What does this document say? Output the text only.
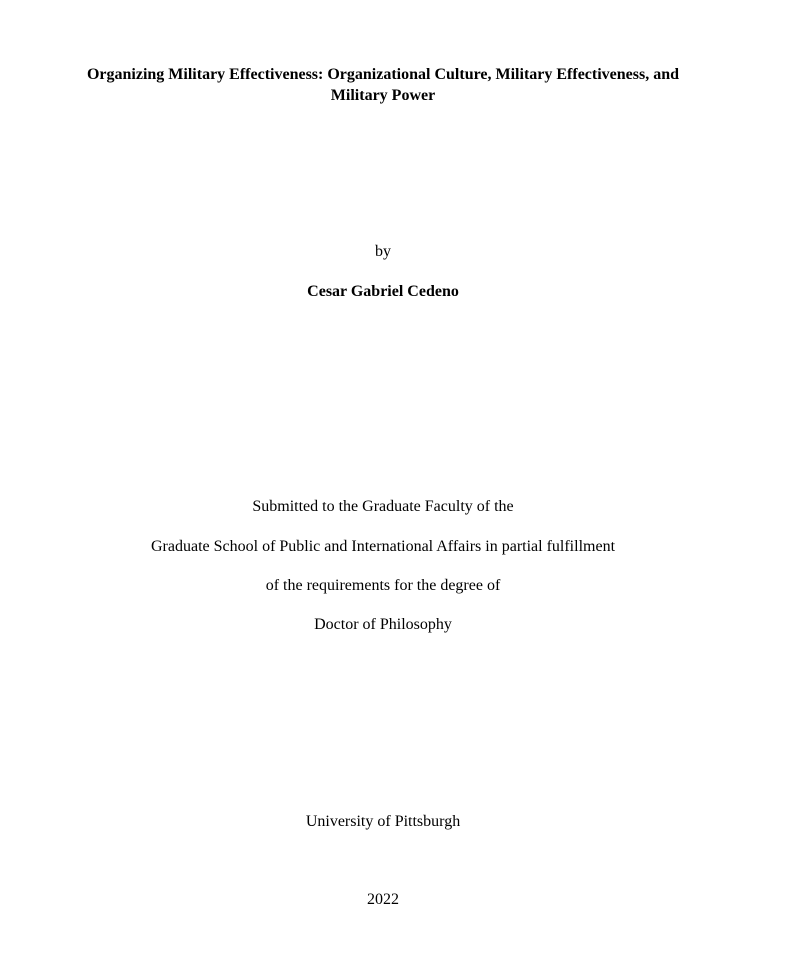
Organizing Military Effectiveness: Organizational Culture, Military Effectiveness, and
Military Power
by
Cesar Gabriel Cedeno
Submitted to the Graduate Faculty of the
Graduate School of Public and International Affairs in partial fulfillment
of the requirements for the degree of
Doctor of Philosophy
University of Pittsburgh
2022
